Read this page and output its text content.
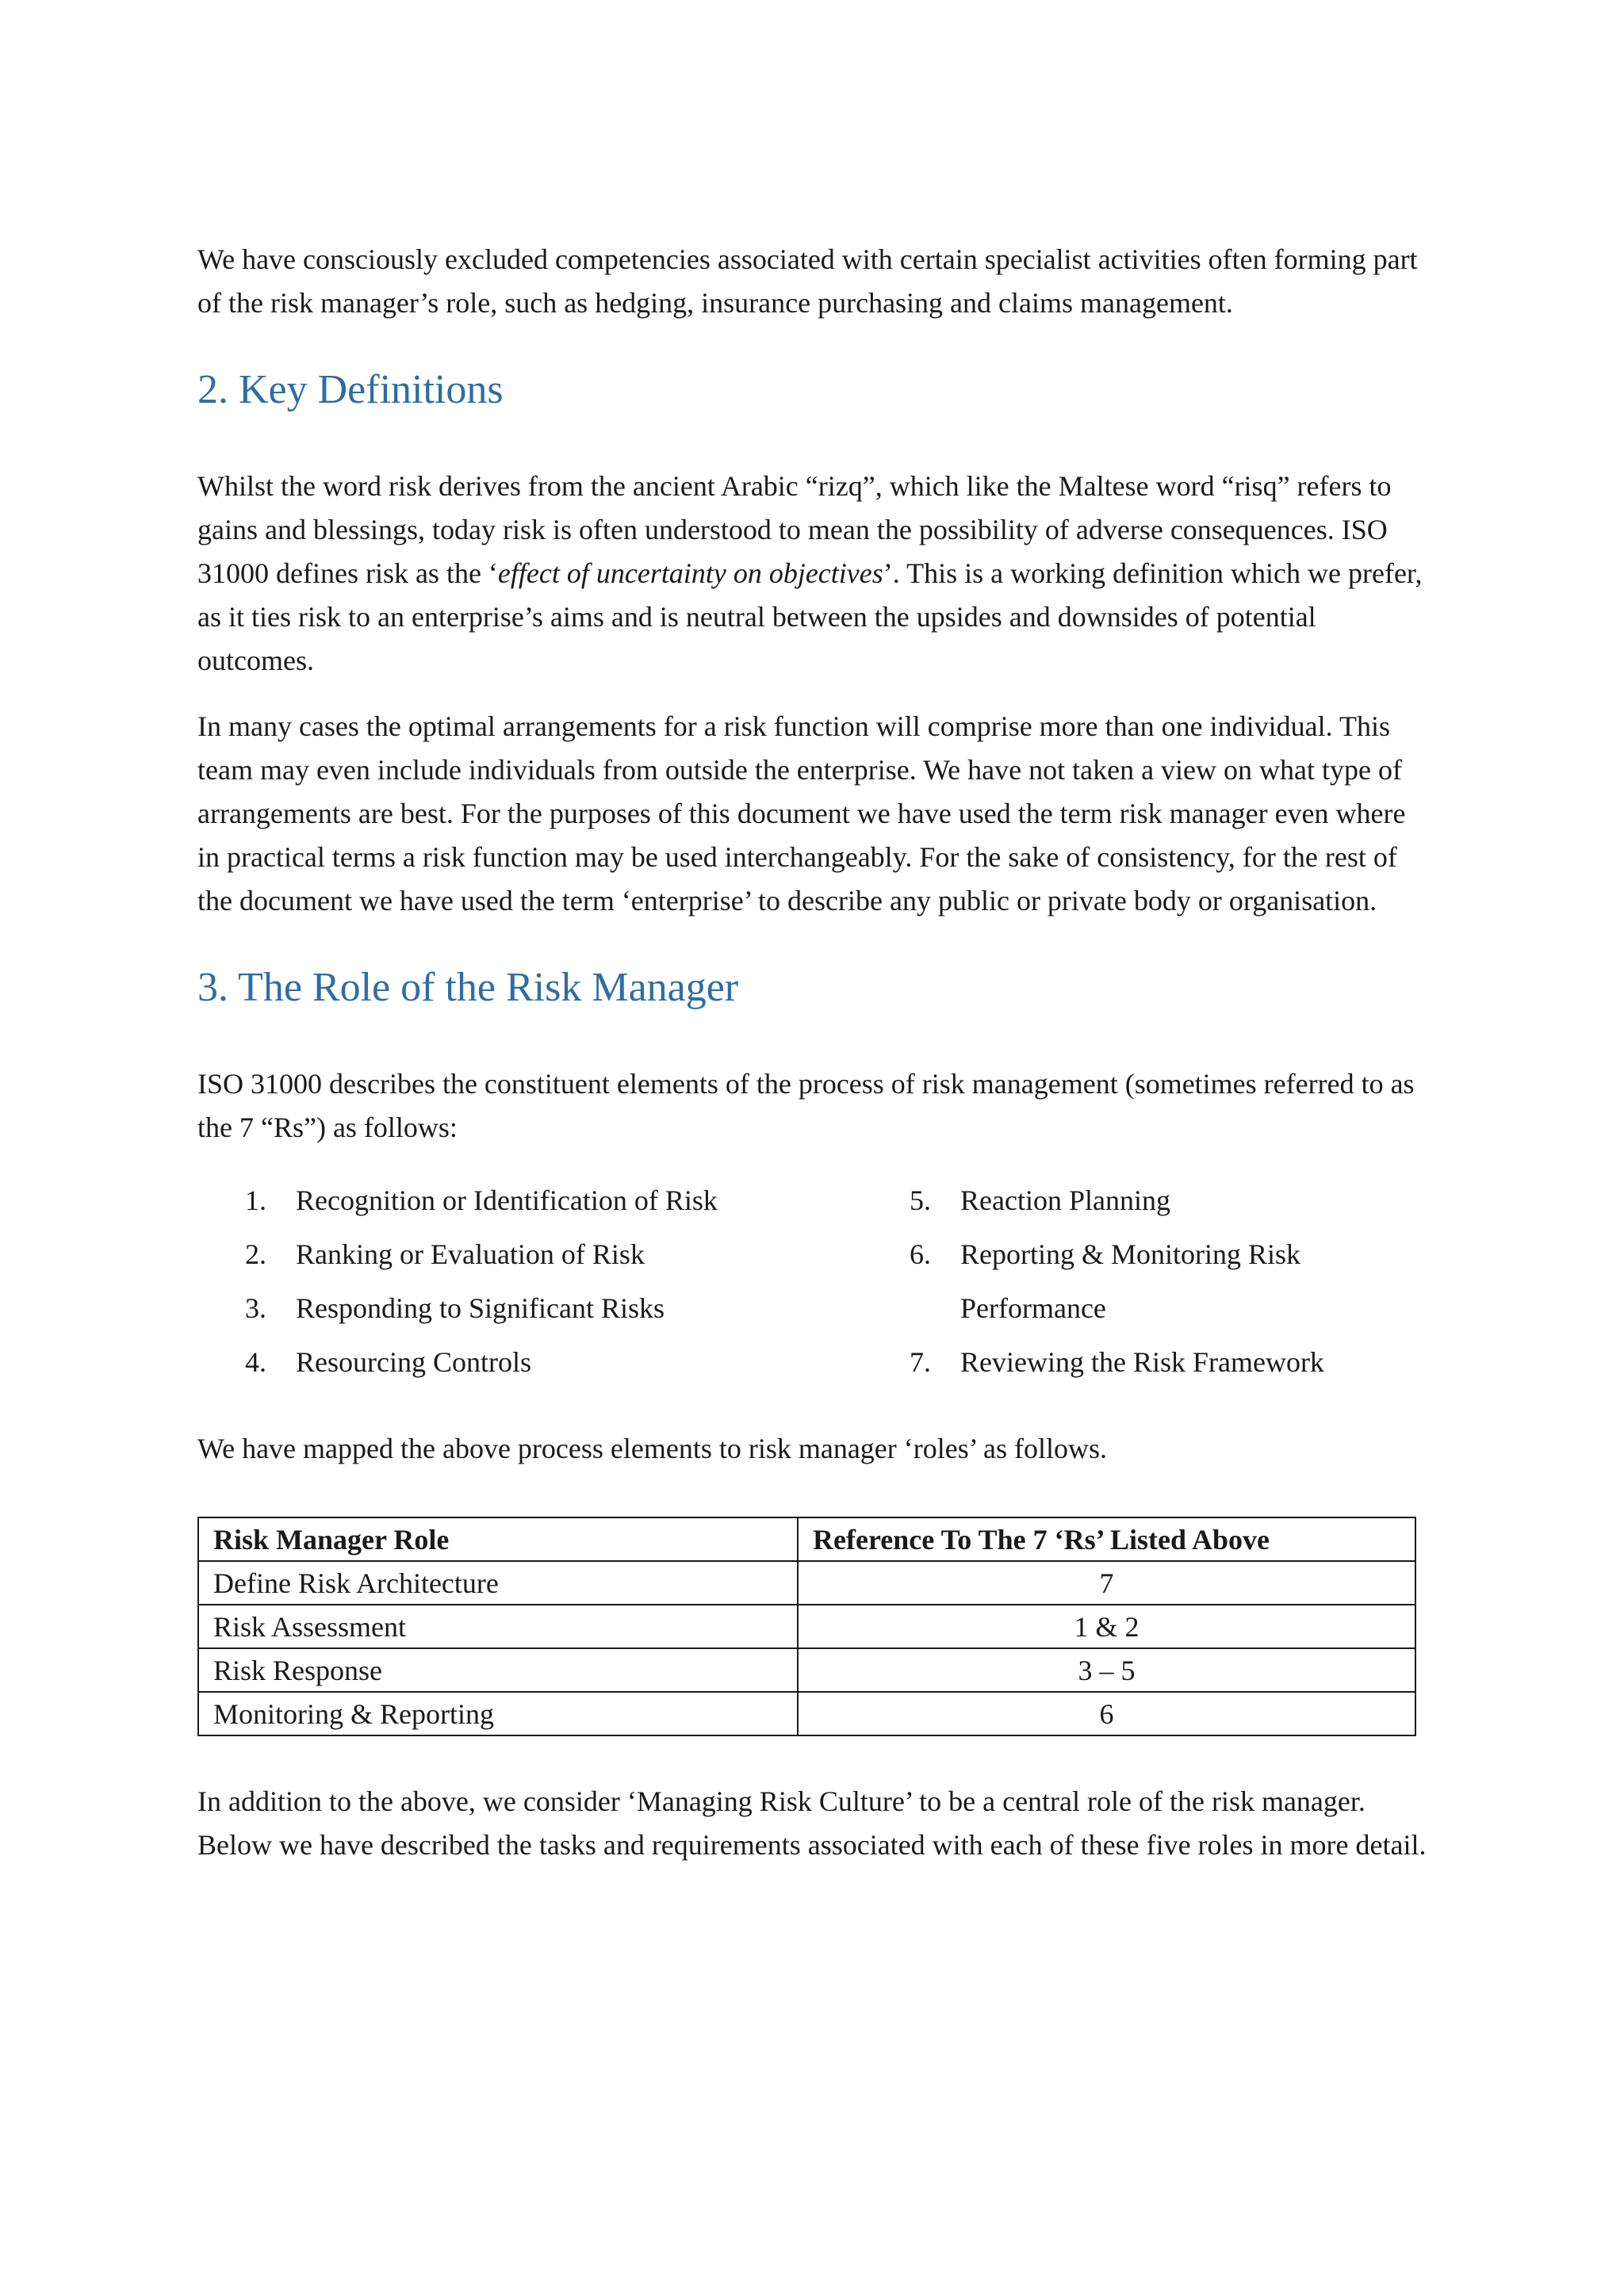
We have consciously excluded competencies associated with certain specialist activities often forming part of the risk manager’s role, such as hedging, insurance purchasing and claims management.

2. Key Definitions

Whilst the word risk derives from the ancient Arabic “rizq”, which like the Maltese word “risq” refers to gains and blessings, today risk is often understood to mean the possibility of adverse consequences. ISO 31000 defines risk as the ‘effect of uncertainty on objectives’. This is a working definition which we prefer, as it ties risk to an enterprise’s aims and is neutral between the upsides and downsides of potential outcomes.

In many cases the optimal arrangements for a risk function will comprise more than one individual. This team may even include individuals from outside the enterprise. We have not taken a view on what type of arrangements are best. For the purposes of this document we have used the term risk manager even where in practical terms a risk function may be used interchangeably. For the sake of consistency, for the rest of the document we have used the term ‘enterprise’ to describe any public or private body or organisation.

3. The Role of the Risk Manager

ISO 31000 describes the constituent elements of the process of risk management (sometimes referred to as the 7 “Rs”) as follows:

1.	Recognition or Identification of Risk
2.	Ranking or Evaluation of Risk
3.	Responding to Significant Risks
4.	Resourcing Controls
5.	Reaction Planning
6.	Reporting & Monitoring Risk Performance
7.	Reviewing the Risk Framework

We have mapped the above process elements to risk manager ‘roles’ as follows.

Risk Manager Role	Reference To The 7 ‘Rs’ Listed Above
Define Risk Architecture	7
Risk Assessment	1 & 2
Risk Response	3 – 5
Monitoring & Reporting	6

In addition to the above, we consider ‘Managing Risk Culture’ to be a central role of the risk manager. Below we have described the tasks and requirements associated with each of these five roles in more detail.
